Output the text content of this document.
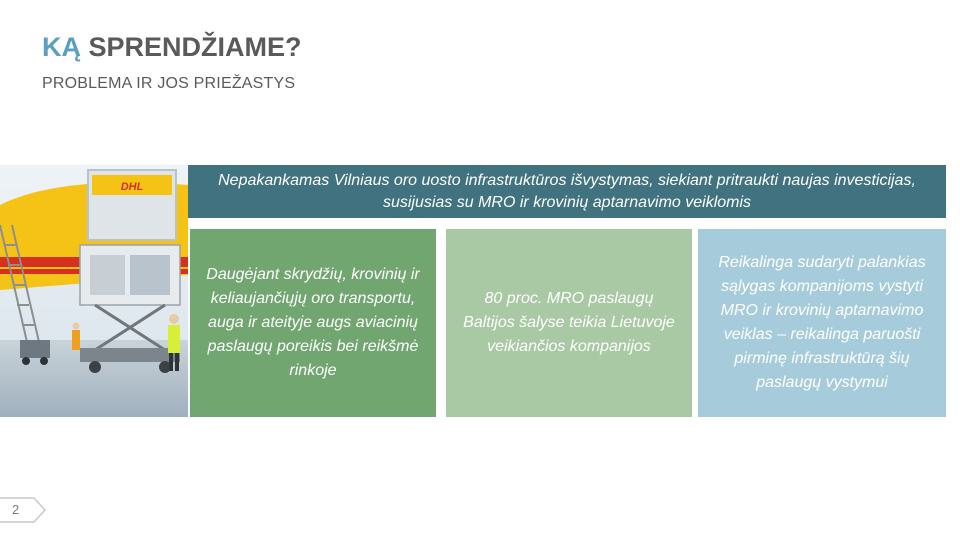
KĄ SPRENDŽIAME?
PROBLEMA IR JOS PRIEŽASTYS
DHL	Nepakankamas Vilniaus oro uosto infrastruktūros išvystymas, siekiant pritraukti naujas investicijas, susijusias su MRO ir krovinių aptarnavimo veiklomis
Daugėjant skrydžių, krovinių ir keliaujančiųjų oro transportu, auga ir ateityje augs aviacinių paslaugų poreikis bei reikšmė rinkoje
80 proc. MRO paslaugų Baltijos šalyse teikia Lietuvoje veikiančios kompanijos
Reikalinga sudaryti palankias sąlygas kompanijoms vystyti MRO ir krovinių aptarnavimo veiklas – reikalinga paruošti pirminę infrastruktūrą šių paslaugų vystymui
2
